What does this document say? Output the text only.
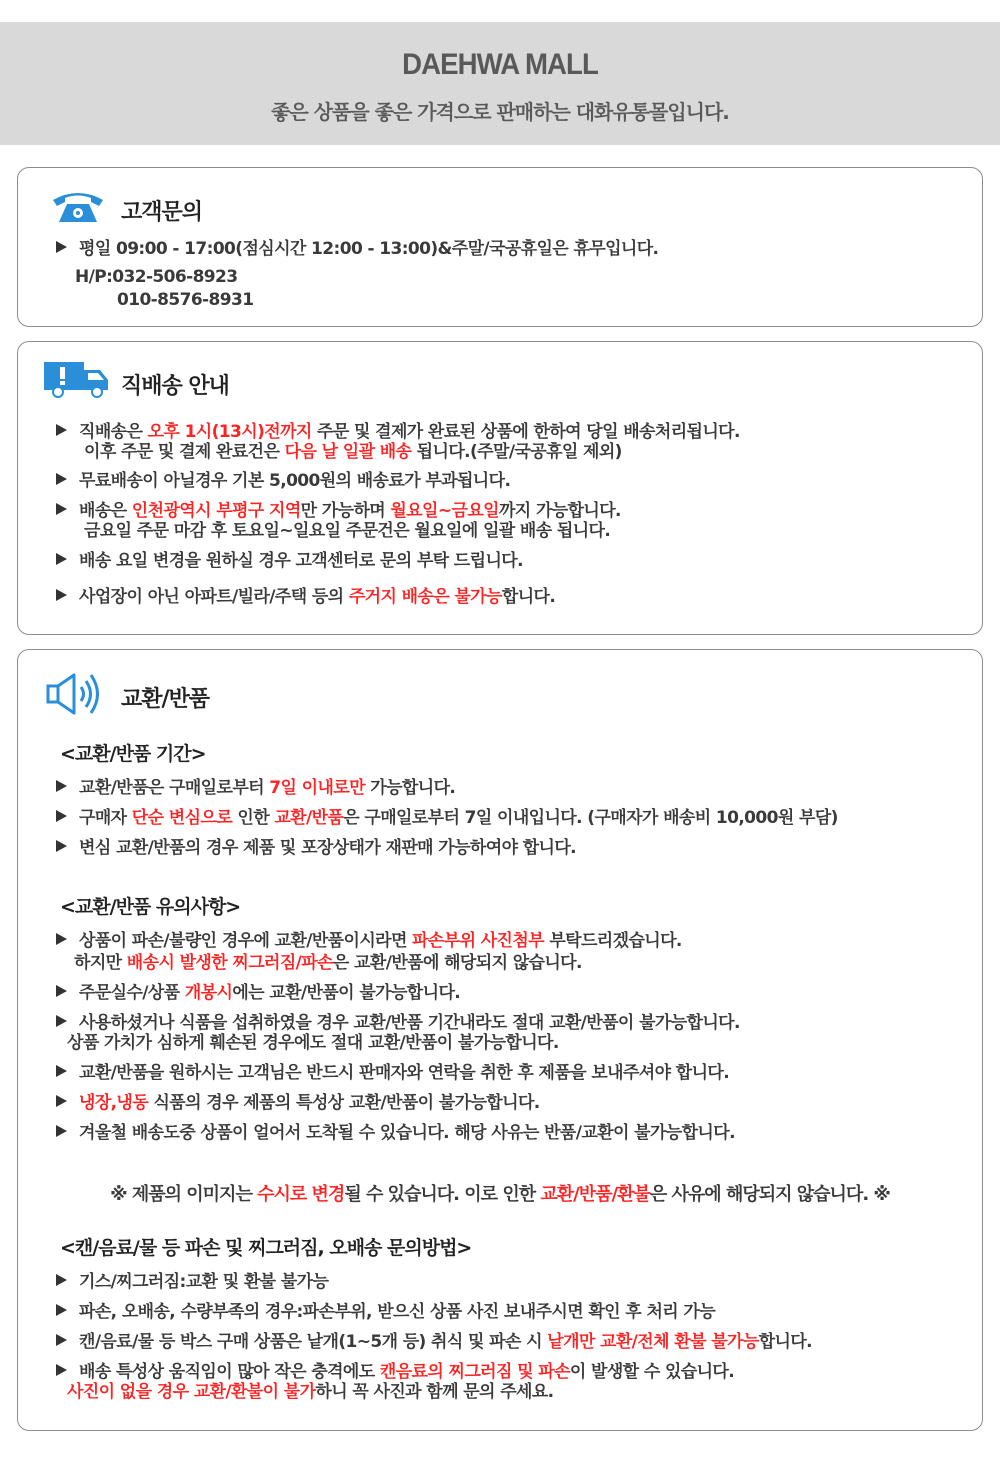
DAEHWA MALL
좋은 상품을 좋은 가격으로 판매하는 대화유통몰입니다.
고객문의
평일 09:00 - 17:00(점심시간 12:00 - 13:00)&주말/국공휴일은 휴무입니다.
H/P:032-506-8923
010-8576-8931
직배송 안내
직배송은 오후 1시(13시)전까지 주문 및 결제가 완료된 상품에 한하여 당일 배송처리됩니다.
이후 주문 및 결제 완료건은 다음 날 일괄 배송 됩니다.(주말/국공휴일 제외)
무료배송이 아닐경우 기본 5,000원의 배송료가 부과됩니다.
배송은 인천광역시 부평구 지역만 가능하며 월요일~금요일까지 가능합니다.
금요일 주문 마감 후 토요일~일요일 주문건은 월요일에 일괄 배송 됩니다.
배송 요일 변경을 원하실 경우 고객센터로 문의 부탁 드립니다.
사업장이 아닌 아파트/빌라/주택 등의 주거지 배송은 불가능합니다.
교환/반품
<교환/반품 기간>
교환/반품은 구매일로부터 7일 이내로만 가능합니다.
구매자 단순 변심으로 인한 교환/반품은 구매일로부터 7일 이내입니다. (구매자가 배송비 10,000원 부담)
변심 교환/반품의 경우 제품 및 포장상태가 재판매 가능하여야 합니다.
<교환/반품 유의사항>
상품이 파손/불량인 경우에 교환/반품이시라면 파손부위 사진첨부 부탁드리겠습니다.
하지만 배송시 발생한 찌그러짐/파손은 교환/반품에 해당되지 않습니다.
주문실수/상품 개봉시에는 교환/반품이 불가능합니다.
사용하셨거나 식품을 섭취하였을 경우 교환/반품 기간내라도 절대 교환/반품이 불가능합니다.
상품 가치가 심하게 훼손된 경우에도 절대 교환/반품이 불가능합니다.
교환/반품을 원하시는 고객님은 반드시 판매자와 연락을 취한 후 제품을 보내주셔야 합니다.
냉장,냉동 식품의 경우 제품의 특성상 교환/반품이 불가능합니다.
겨울철 배송도중 상품이 얼어서 도착될 수 있습니다. 해당 사유는 반품/교환이 불가능합니다.
※ 제품의 이미지는 수시로 변경될 수 있습니다. 이로 인한 교환/반품/환불은 사유에 해당되지 않습니다. ※
<캔/음료/물 등 파손 및 찌그러짐, 오배송 문의방법>
기스/찌그러짐:교환 및 환불 불가능
파손, 오배송, 수량부족의 경우:파손부위, 받으신 상품 사진 보내주시면 확인 후 처리 가능
캔/음료/물 등 박스 구매 상품은 낱개(1~5개 등) 취식 및 파손 시 낱개만 교환/전체 환불 불가능합니다.
배송 특성상 움직임이 많아 작은 충격에도 캔음료의 찌그러짐 및 파손이 발생할 수 있습니다.
사진이 없을 경우 교환/환불이 불가하니 꼭 사진과 함께 문의 주세요.
